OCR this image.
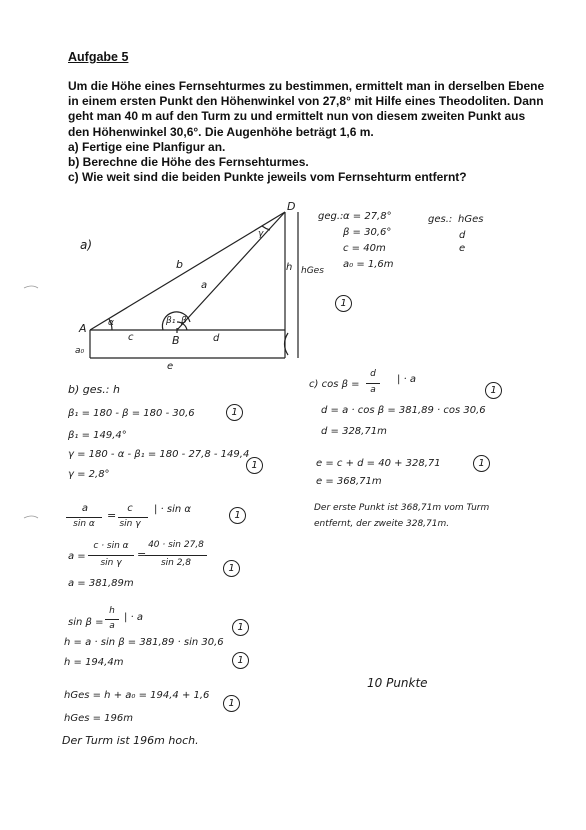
Aufgabe 5
Um die Höhe eines Fernsehturmes zu bestimmen, ermittelt man in derselben Ebene
in einem ersten Punkt den Höhenwinkel von 27,8° mit Hilfe eines Theodoliten. Dann
geht man 40 m auf den Turm zu und ermittelt nun von diesem zweiten Punkt aus
den Höhenwinkel 30,6°. Die Augenhöhe beträgt 1,6 m.
a) Fertige eine Planfigur an.
b) Berechne die Höhe des Fernsehturmes.
c) Wie weit sind die beiden Punkte jeweils vom Fernsehturm entfernt?
a)
A
B
D
b
a
c	d
e
h hGes
a₀
α	β₁ β
γ
geg.: α = 27,8°
β = 30,6°
c = 40m
a₀ = 1,6m
1
ges.: hGes
d
e
b) ges.: h
β₁ = 180 - β = 180 - 30,6	1
β₁ = 149,4°
γ = 180 - α - β₁ = 180 - 27,8 - 149,4
1
γ = 2,8°
a
sin α
=
c
sin γ
| · sin α
1
a =
c · sin α
sin γ
=
40 · sin 27,8
sin 2,8	1
a = 381,89m
sin β =
h
a
| · a
1
h = a · sin β = 381,89 · sin 30,6
1
h = 194,4m
hGes = h + a₀ = 194,4 + 1,6
1
hGes = 196m
Der Turm ist 196m hoch.
c) cos β =
d
a
| · a
1
d = a · cos β = 381,89 · cos 30,6
d = 328,71m
e = c + d = 40 + 328,71	1
e = 368,71m
Der erste Punkt ist 368,71m vom Turm
entfernt, der zweite 328,71m.
10 Punkte
